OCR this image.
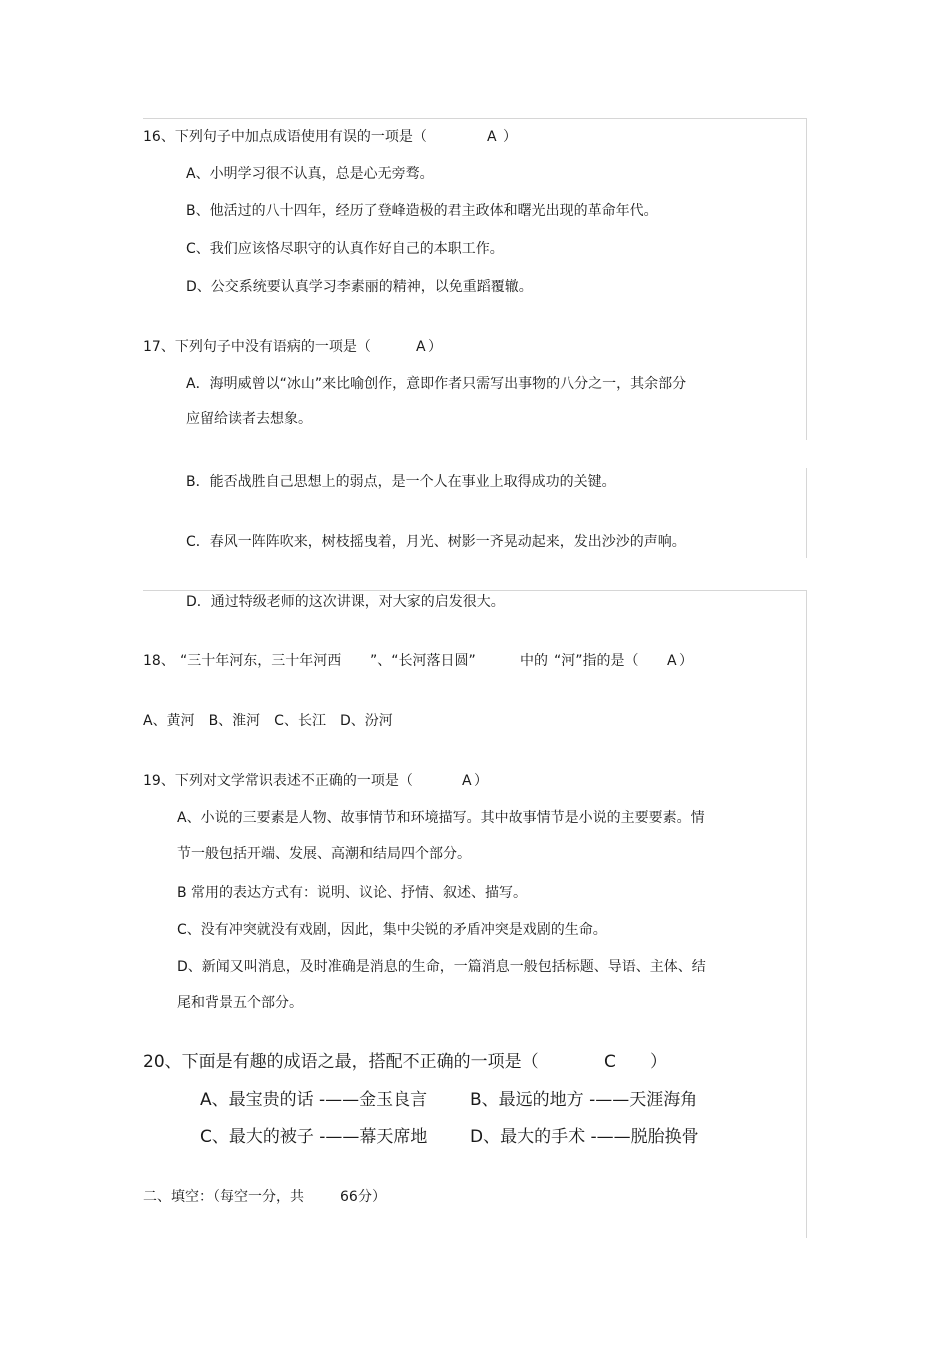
16、下列句子中加点成语使用有误的一项是（	A ）
A、小明学习很不认真，总是心无旁骛。
B、他活过的八十四年，经历了登峰造极的君主政体和曙光出现的革命年代。
C、我们应该恪尽职守的认真作好自己的本职工作。
D、公交系统要认真学习李素丽的精神，以免重蹈覆辙。
17、下列句子中没有语病的一项是（	A ）
A．海明威曾以“冰山”来比喻创作，意即作者只需写出事物的八分之一，其余部分
应留给读者去想象。
B．能否战胜自己思想上的弱点，是一个人在事业上取得成功的关键。
C．春风一阵阵吹来，树枝摇曳着，月光、树影一齐晃动起来，发出沙沙的声响。
D．通过特级老师的这次讲课，对大家的启发很大。
18、 “三十年河东，三十年河西 ”、“长河落日圆”	中的 “河”指的是（ A ）
A、黄河　B、淮河　C、长江　D、汾河
19、下列对文学常识表述不正确的一项是（	A ）
A、小说的三要素是人物、故事情节和环境描写。其中故事情节是小说的主要要素。情
节一般包括开端、发展、高潮和结局四个部分。
B 常用的表达方式有：说明、议论、抒情、叙述、描写。
C、没有冲突就没有戏剧，因此，集中尖锐的矛盾冲突是戏剧的生命。
D、新闻又叫消息，及时准确是消息的生命，一篇消息一般包括标题、导语、主体、结
尾和背景五个部分。
20、下面是有趣的成语之最，搭配不正确的一项是（	C ）
A、最宝贵的话 -——金玉良言	B、最远的地方 -——天涯海角
C、最大的被子 -——幕天席地	D、最大的手术 -——脱胎换骨
二、填空：（每空一分，共	66 分）
